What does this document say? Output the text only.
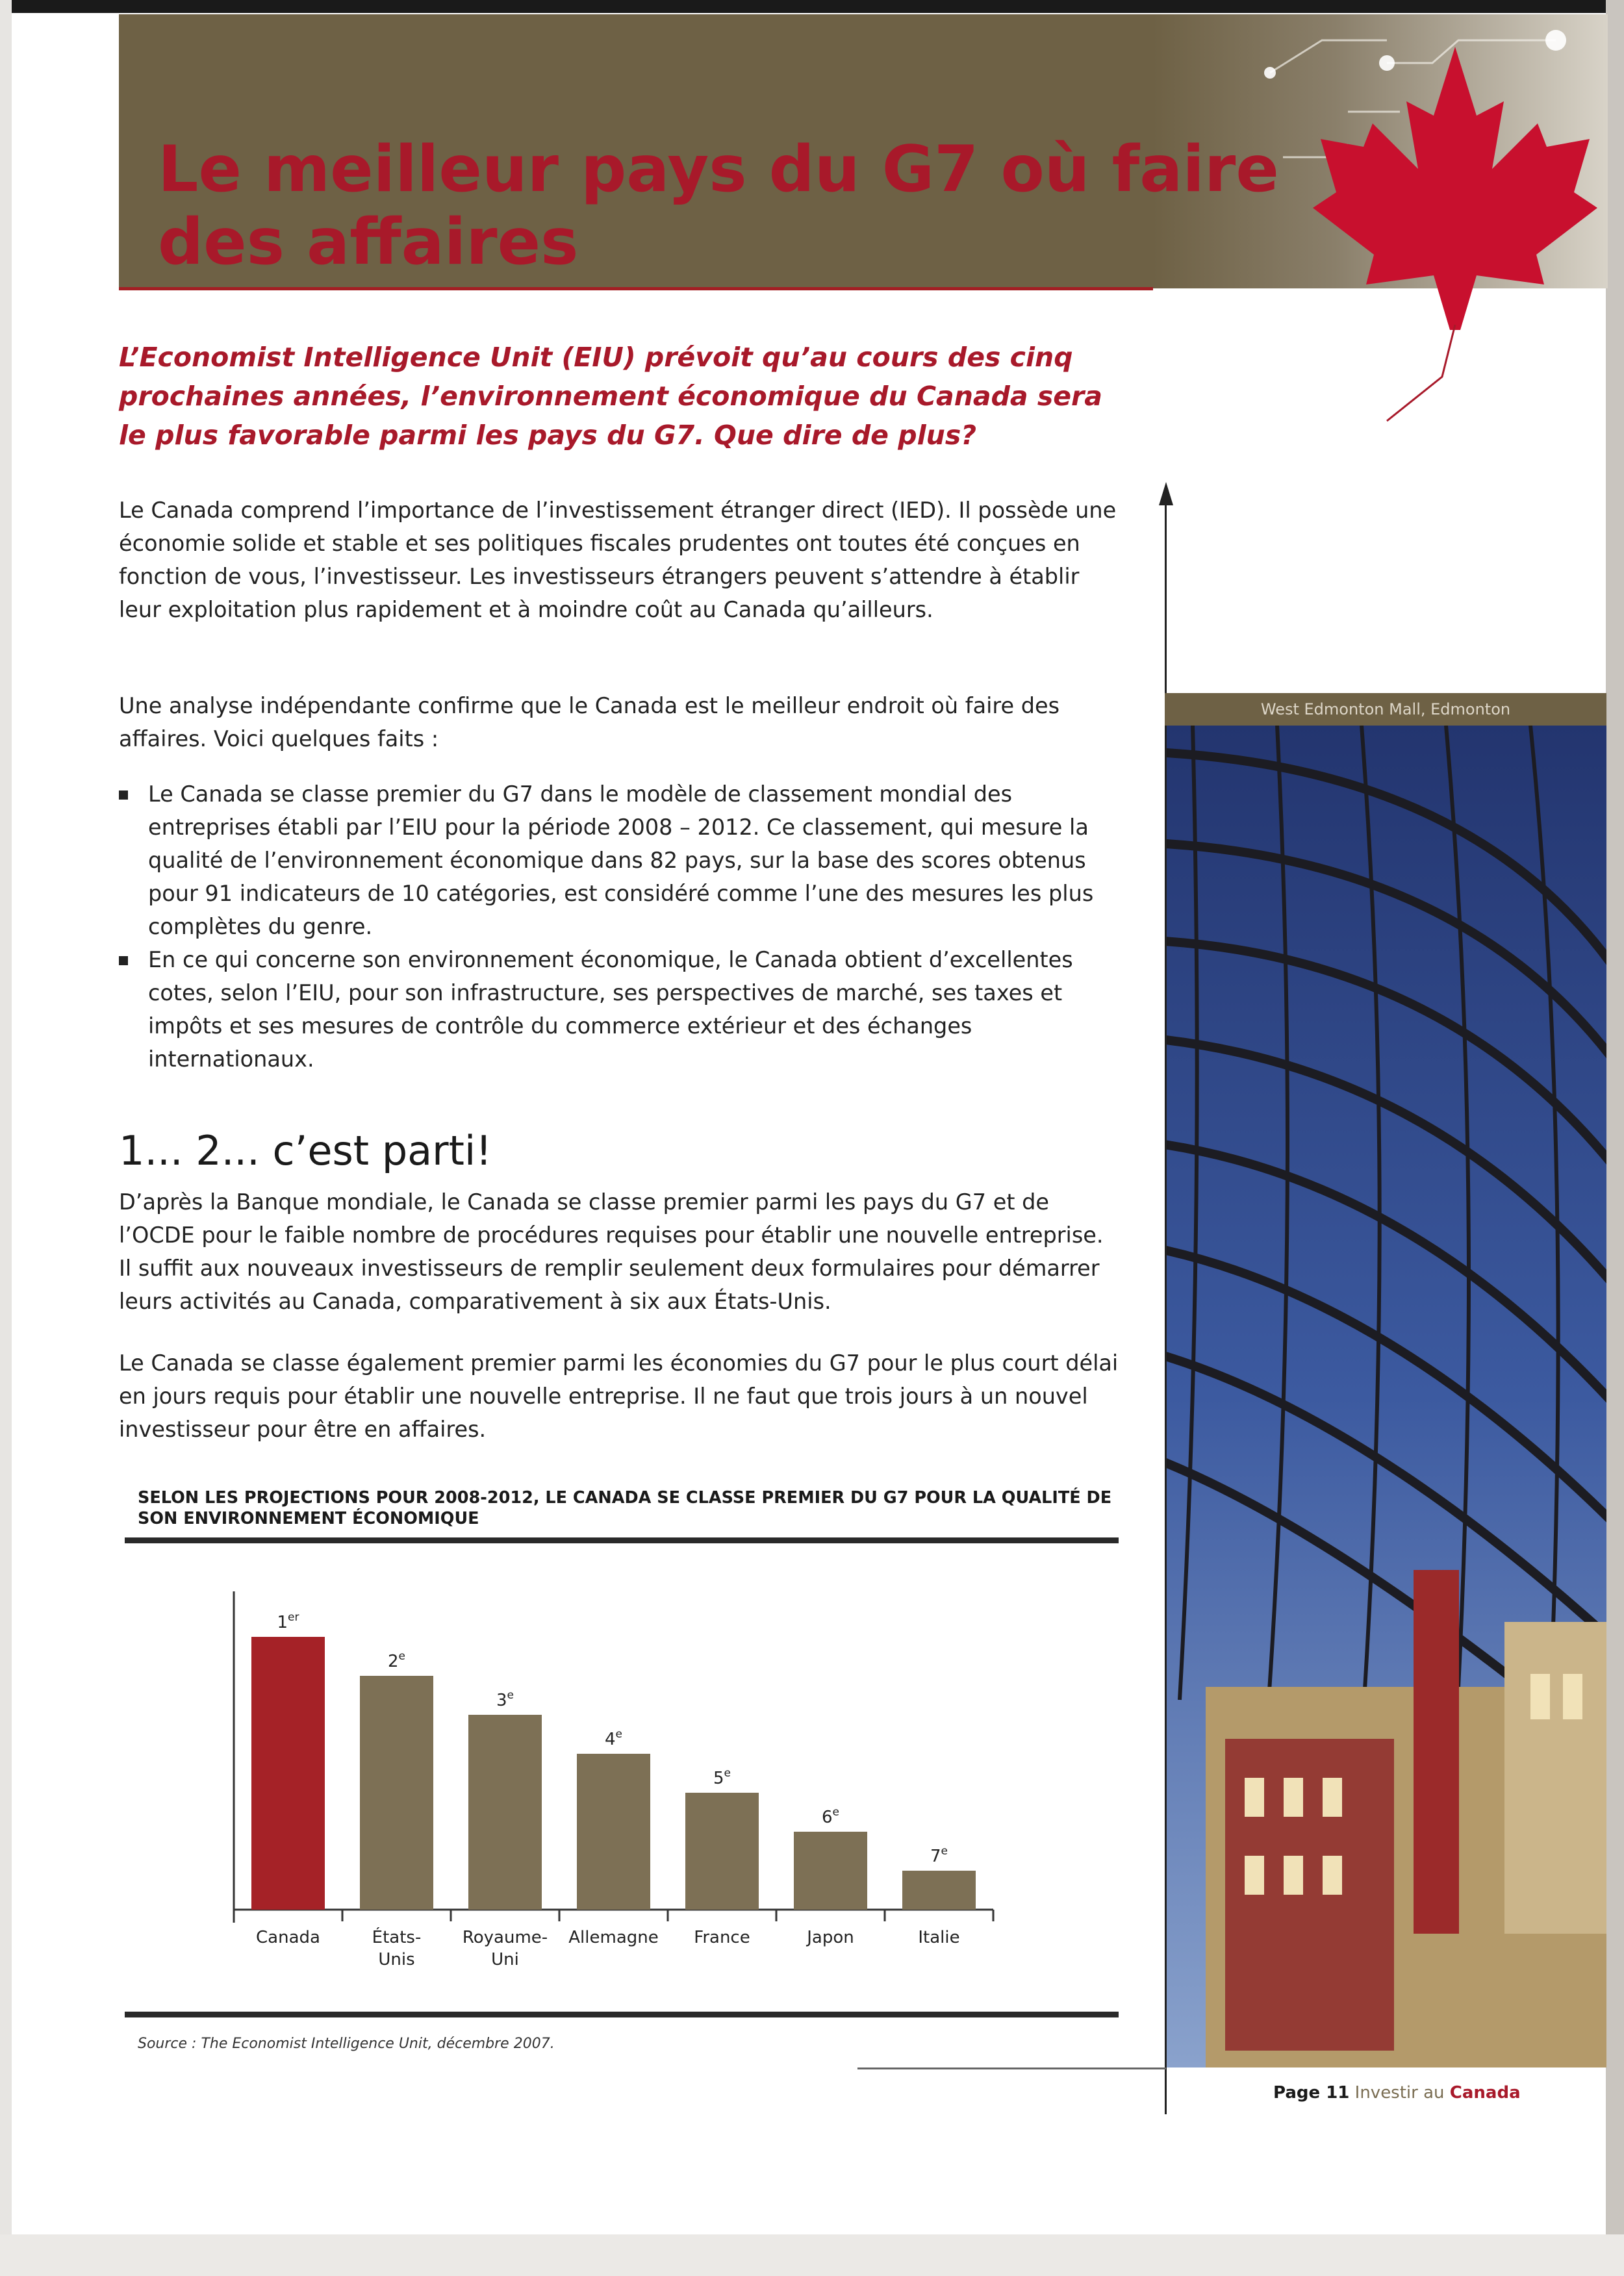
Le meilleur pays du G7 où faire
des affaires

L’Economist Intelligence Unit (EIU) prévoit qu’au cours des cinq prochaines années, l’environnement économique du Canada sera le plus favorable parmi les pays du G7. Que dire de plus?

Le Canada comprend l’importance de l’investissement étranger direct (IED). Il possède une économie solide et stable et ses politiques fiscales prudentes ont toutes été conçues en fonction de vous, l’investisseur. Les investisseurs étrangers peuvent s’attendre à établir leur exploitation plus rapidement et à moindre coût au Canada qu’ailleurs.

Une analyse indépendante confirme que le Canada est le meilleur endroit où faire des affaires. Voici quelques faits :

Le Canada se classe premier du G7 dans le modèle de classement mondial des entreprises établi par l’EIU pour la période 2008 – 2012. Ce classement, qui mesure la qualité de l’environnement économique dans 82 pays, sur la base des scores obtenus pour 91 indicateurs de 10 catégories, est considéré comme l’une des mesures les plus complètes du genre.
En ce qui concerne son environnement économique, le Canada obtient d’excellentes cotes, selon l’EIU, pour son infrastructure, ses perspectives de marché, ses taxes et impôts et ses mesures de contrôle du commerce extérieur et des échanges internationaux.
1... 2... c’est parti!

D’après la Banque mondiale, le Canada se classe premier parmi les pays du G7 et de l’OCDE pour le faible nombre de procédures requises pour établir une nouvelle entreprise. Il suffit aux nouveaux investisseurs de remplir seulement deux formulaires pour démarrer leurs activités au Canada, comparativement à six aux États-Unis.

Le Canada se classe également premier parmi les économies du G7 pour le plus court délai en jours requis pour établir une nouvelle entreprise. Il ne faut que trois jours à un nouvel investisseur pour être en affaires.

SELON LES PROJECTIONS POUR 2008-2012, LE CANADA SE CLASSE PREMIER DU G7 POUR LA QUALITÉ DE SON ENVIRONNEMENT ÉCONOMIQUE

1er
Canada
2e
États-
Unis
3e
Royaume-
Uni
4e
Allemagne
5e
France
6e
Japon
7e
Italie

Source : The Economist Intelligence Unit, décembre 2007.

West Edmonton Mall, Edmonton

Page 11 Investir au Canada
